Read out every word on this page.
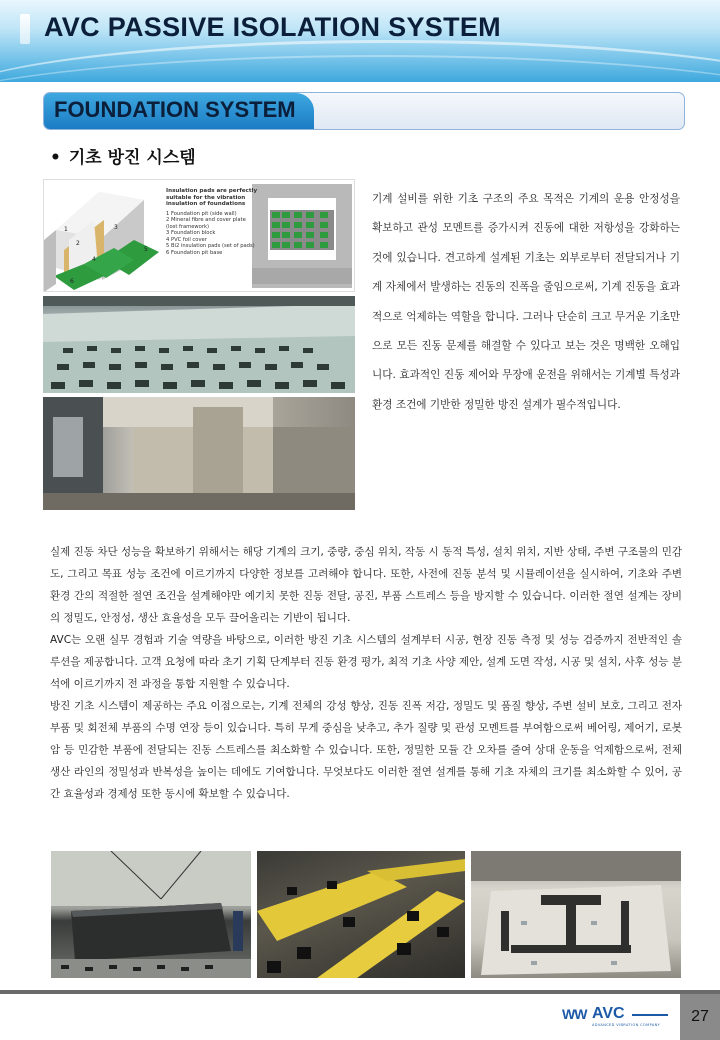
AVC PASSIVE ISOLATION SYSTEM
FOUNDATION SYSTEM
• 기초 방진 시스템
1
2
3
4
5
6
Insulation pads are perfectly suitable for the vibration insulation of foundations
1 Foundation pit (side wall)
2 Mineral fibre and cover plate
(lost framework)
3 Foundation block
4 PVC foil cover
5 Bi2 insulation pads (set of pads)
6 Foundation pit base

기계 설비를 위한 기초 구조의 주요 목적은 기계의 운용 안정성을 확보하고 관성 모멘트를 증가시켜 진동에 대한 저항성을 강화하는 것에 있습니다. 견고하게 설계된 기초는 외부로부터 전달되거나 기계 자체에서 발생하는 진동의 진폭을 줄임으로써, 기계 진동을 효과적으로 억제하는 역할을 합니다. 그러나 단순히 크고 무거운 기초만으로 모든 진동 문제를 해결할 수 있다고 보는 것은 명백한 오해입니다. 효과적인 진동 제어와 무장애 운전을 위해서는 기계별 특성과 환경 조건에 기반한 정밀한 방진 설계가 필수적입니다.

실제 진동 차단 성능을 확보하기 위해서는 해당 기계의 크기, 중량, 중심 위치, 작동 시 동적 특성, 설치 위치, 지반 상태, 주변 구조물의 민감도, 그리고 목표 성능 조건에 이르기까지 다양한 정보를 고려해야 합니다. 또한, 사전에 진동 분석 및 시뮬레이션을 실시하여, 기초와 주변 환경 간의 적절한 절연 조건을 설계해야만 예기치 못한 진동 전달, 공진, 부품 스트레스 등을 방지할 수 있습니다. 이러한 절연 설계는 장비의 정밀도, 안정성, 생산 효율성을 모두 끌어올리는 기반이 됩니다.

AVC는 오랜 실무 경험과 기술 역량을 바탕으로, 이러한 방진 기초 시스템의 설계부터 시공, 현장 진동 측정 및 성능 검증까지 전반적인 솔루션을 제공합니다. 고객 요청에 따라 초기 기획 단계부터 진동 환경 평가, 최적 기초 사양 제안, 설계 도면 작성, 시공 및 설치, 사후 성능 분석에 이르기까지 전 과정을 통합 지원할 수 있습니다.

방진 기초 시스템이 제공하는 주요 이점으로는, 기계 전체의 강성 향상, 진동 진폭 저감, 정밀도 및 품질 향상, 주변 설비 보호, 그리고 전자부품 및 회전체 부품의 수명 연장 등이 있습니다. 특히 무게 중심을 낮추고, 추가 질량 및 관성 모멘트를 부여함으로써 베어링, 제어기, 로봇 암 등 민감한 부품에 전달되는 진동 스트레스를 최소화할 수 있습니다. 또한, 정밀한 모듈 간 오차를 줄여 상대 운동을 억제함으로써, 전체 생산 라인의 정밀성과 반복성을 높이는 데에도 기여합니다. 무엇보다도 이러한 절연 설계를 통해 기초 자체의 크기를 최소화할 수 있어, 공간 효율성과 경제성 또한 동시에 확보할 수 있습니다.

WW AVC
ADVANCED VIBRATION COMPANY	27
